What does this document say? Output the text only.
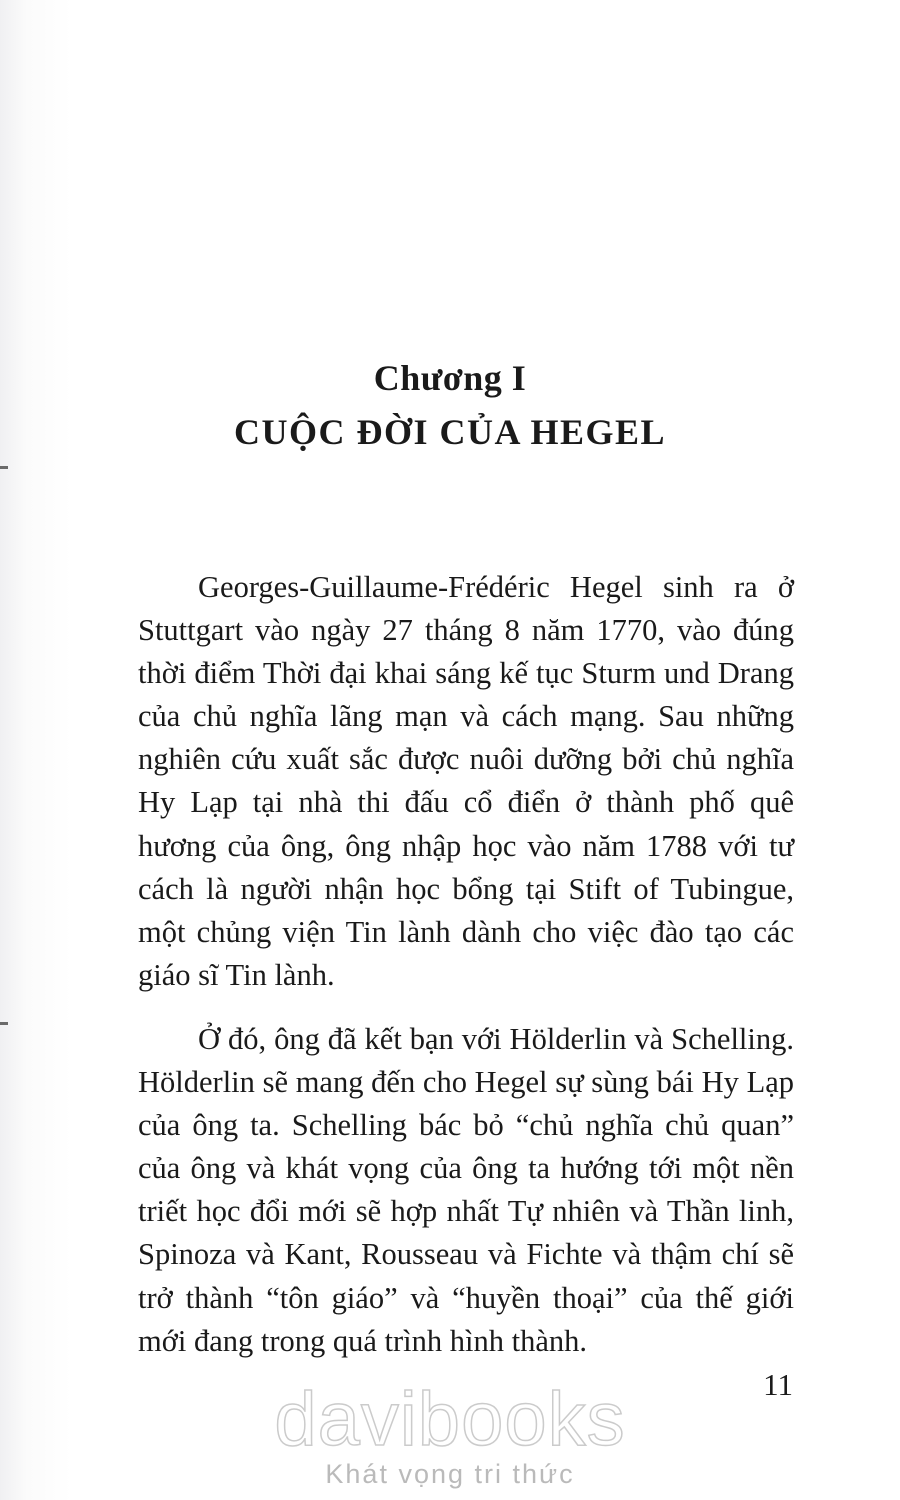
Chương I
CUỘC ĐỜI CỦA HEGEL

Georges-Guillaume-Frédéric Hegel sinh ra ở Stuttgart vào ngày 27 tháng 8 năm 1770, vào đúng thời điểm Thời đại khai sáng kế tục Sturm und Drang của chủ nghĩa lãng mạn và cách mạng. Sau những nghiên cứu xuất sắc được nuôi dưỡng bởi chủ nghĩa Hy Lạp tại nhà thi đấu cổ điển ở thành phố quê hương của ông, ông nhập học vào năm 1788 với tư cách là người nhận học bổng tại Stift of Tubingue, một chủng viện Tin lành dành cho việc đào tạo các giáo sĩ Tin lành.

Ở đó, ông đã kết bạn với Hölderlin và Schelling. Hölderlin sẽ mang đến cho Hegel sự sùng bái Hy Lạp của ông ta. Schelling bác bỏ “chủ nghĩa chủ quan” của ông và khát vọng của ông ta hướng tới một nền triết học đổi mới sẽ hợp nhất Tự nhiên và Thần linh, Spinoza và Kant, Rousseau và Fichte và thậm chí sẽ trở thành “tôn giáo” và “huyền thoại” của thế giới mới đang trong quá trình hình thành.

11
davibooks
Khát vọng tri thức
